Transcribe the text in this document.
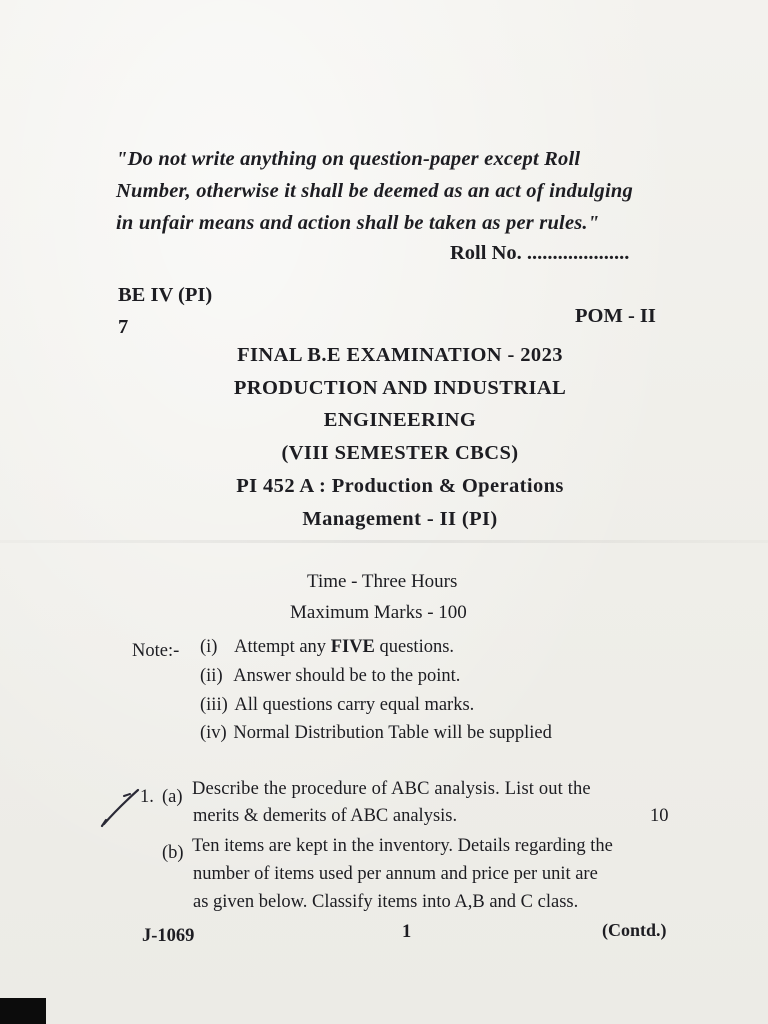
"Do not write anything on question-paper except Roll
Number, otherwise it shall be deemed as an act of indulging
in unfair means and action shall be taken as per rules."
Roll No. ....................
BE IV (PI)
7	POM - II
FINAL B.E EXAMINATION - 2023
PRODUCTION AND INDUSTRIAL
ENGINEERING
(VIII SEMESTER CBCS)
PI 452 A : Production & Operations
Management - II (PI)
Time - Three Hours
Maximum Marks - 100
Note:- (i) Attempt any FIVE questions.
(ii) Answer should be to the point.
(iii) All questions carry equal marks.
(iv) Normal Distribution Table will be supplied
1. (a) Describe the procedure of ABC analysis. List out the
merits & demerits of ABC analysis.	10
(b) Ten items are kept in the inventory. Details regarding the
number of items used per annum and price per unit are
as given below. Classify items into A,B and C class.
J-1069	1	(Contd.)
